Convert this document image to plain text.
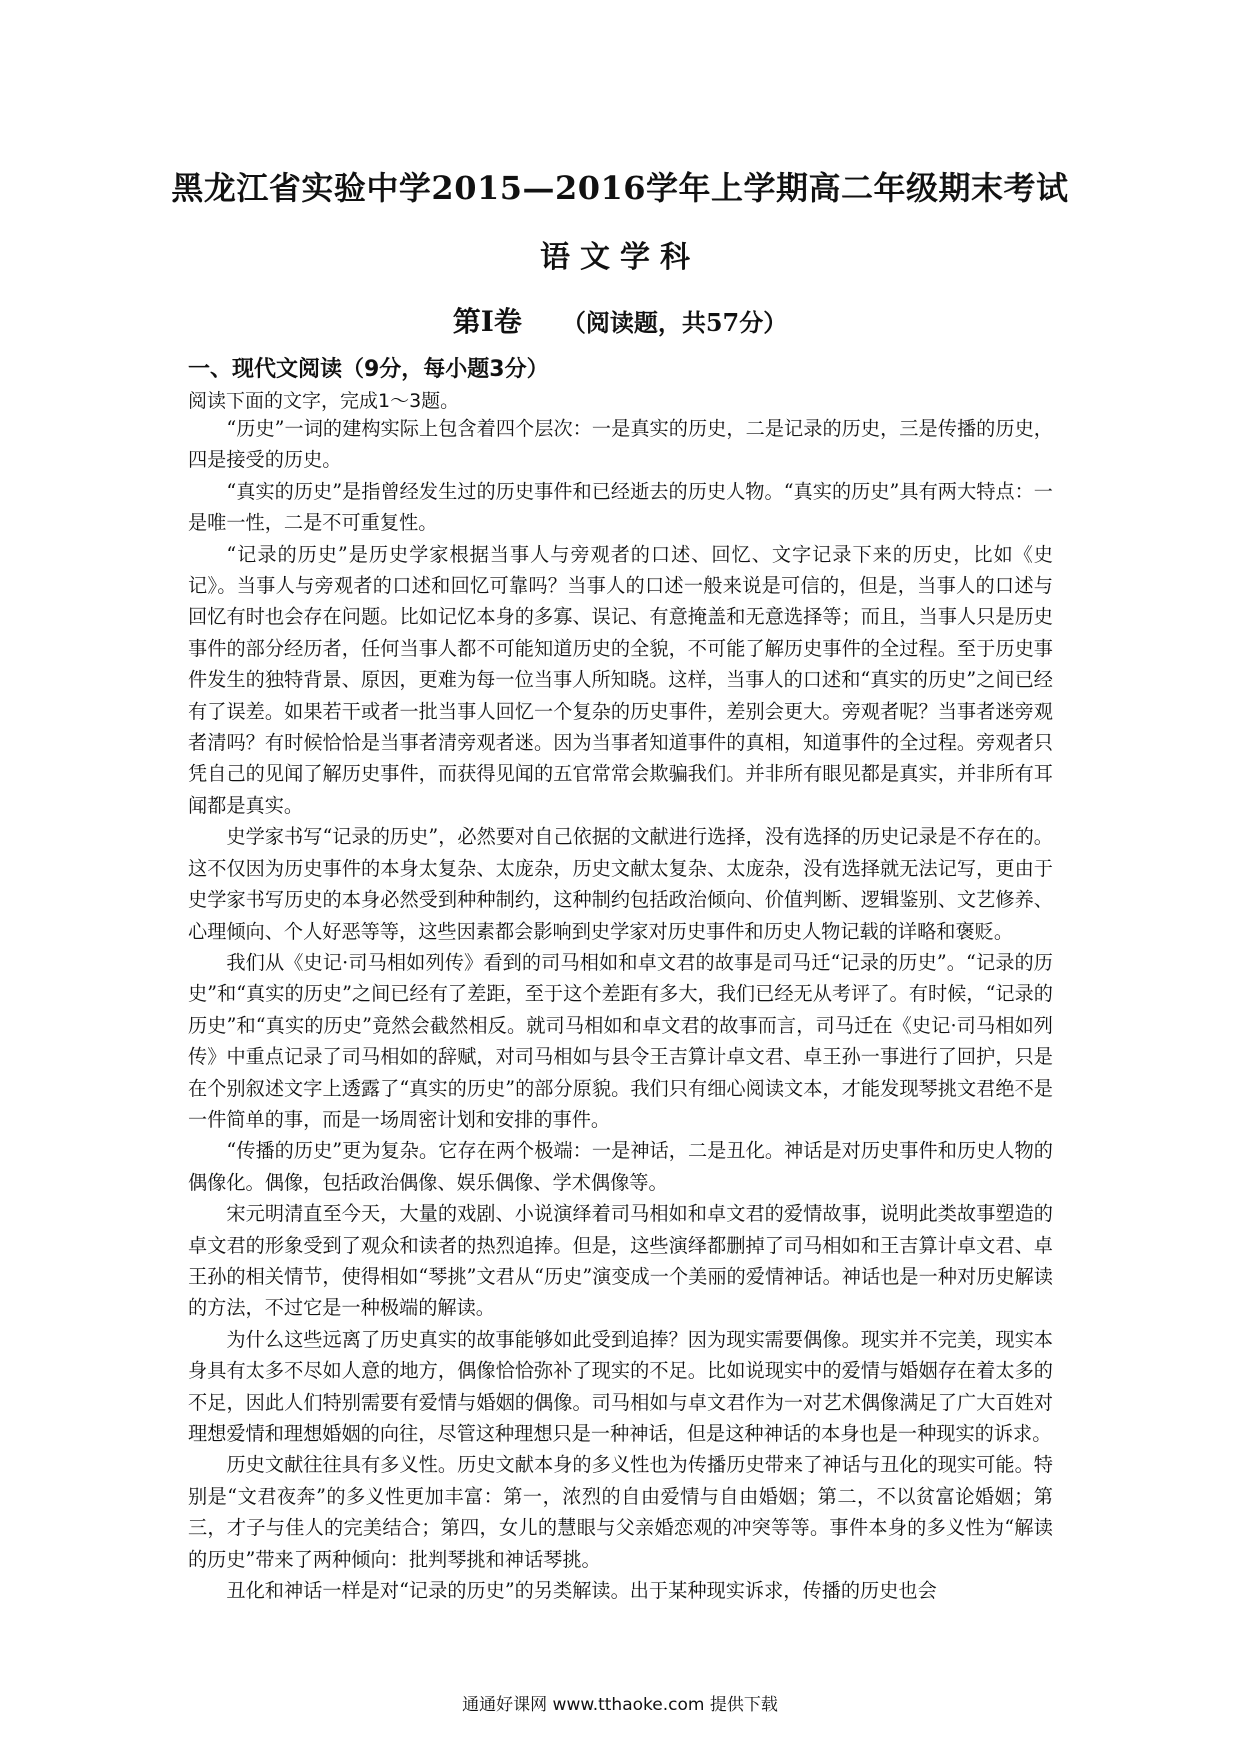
黑龙江省实验中学2015—2016学年上学期高二年级期末考试
语文学科
第Ⅰ卷 （阅读题，共57分）
一、现代文阅读（9分，每小题3分）
阅读下面的文字，完成1～3题。

“历史”一词的建构实际上包含着四个层次：一是真实的历史，二是记录的历史，三是传播的历史，四是接受的历史。

“真实的历史”是指曾经发生过的历史事件和已经逝去的历史人物。“真实的历史”具有两大特点：一是唯一性，二是不可重复性。

“记录的历史”是历史学家根据当事人与旁观者的口述、回忆、文字记录下来的历史，比如《史记》。当事人与旁观者的口述和回忆可靠吗？当事人的口述一般来说是可信的，但是，当事人的口述与回忆有时也会存在问题。比如记忆本身的多寡、误记、有意掩盖和无意选择等；而且，当事人只是历史事件的部分经历者，任何当事人都不可能知道历史的全貌，不可能了解历史事件的全过程。至于历史事件发生的独特背景、原因，更难为每一位当事人所知晓。这样，当事人的口述和“真实的历史”之间已经有了误差。如果若干或者一批当事人回忆一个复杂的历史事件，差别会更大。旁观者呢？当事者迷旁观者清吗？有时候恰恰是当事者清旁观者迷。因为当事者知道事件的真相，知道事件的全过程。旁观者只凭自己的见闻了解历史事件，而获得见闻的五官常常会欺骗我们。并非所有眼见都是真实，并非所有耳闻都是真实。

史学家书写“记录的历史”，必然要对自己依据的文献进行选择，没有选择的历史记录是不存在的。这不仅因为历史事件的本身太复杂、太庞杂，历史文献太复杂、太庞杂，没有选择就无法记写，更由于史学家书写历史的本身必然受到种种制约，这种制约包括政治倾向、价值判断、逻辑鉴别、文艺修养、心理倾向、个人好恶等等，这些因素都会影响到史学家对历史事件和历史人物记载的详略和褒贬。

我们从《史记·司马相如列传》看到的司马相如和卓文君的故事是司马迁“记录的历史”。“记录的历史”和“真实的历史”之间已经有了差距，至于这个差距有多大，我们已经无从考评了。有时候，“记录的历史”和“真实的历史”竟然会截然相反。就司马相如和卓文君的故事而言，司马迁在《史记·司马相如列传》中重点记录了司马相如的辞赋，对司马相如与县令王吉算计卓文君、卓王孙一事进行了回护，只是在个别叙述文字上透露了“真实的历史”的部分原貌。我们只有细心阅读文本，才能发现琴挑文君绝不是一件简单的事，而是一场周密计划和安排的事件。

“传播的历史”更为复杂。它存在两个极端：一是神话，二是丑化。神话是对历史事件和历史人物的偶像化。偶像，包括政治偶像、娱乐偶像、学术偶像等。

宋元明清直至今天，大量的戏剧、小说演绎着司马相如和卓文君的爱情故事，说明此类故事塑造的卓文君的形象受到了观众和读者的热烈追捧。但是，这些演绎都删掉了司马相如和王吉算计卓文君、卓王孙的相关情节，使得相如“琴挑”文君从“历史”演变成一个美丽的爱情神话。神话也是一种对历史解读的方法，不过它是一种极端的解读。

为什么这些远离了历史真实的故事能够如此受到追捧？因为现实需要偶像。现实并不完美，现实本身具有太多不尽如人意的地方，偶像恰恰弥补了现实的不足。比如说现实中的爱情与婚姻存在着太多的不足，因此人们特别需要有爱情与婚姻的偶像。司马相如与卓文君作为一对艺术偶像满足了广大百姓对理想爱情和理想婚姻的向往，尽管这种理想只是一种神话，但是这种神话的本身也是一种现实的诉求。

历史文献往往具有多义性。历史文献本身的多义性也为传播历史带来了神话与丑化的现实可能。特别是“文君夜奔”的多义性更加丰富：第一，浓烈的自由爱情与自由婚姻；第二，不以贫富论婚姻；第三，才子与佳人的完美结合；第四，女儿的慧眼与父亲婚恋观的冲突等等。事件本身的多义性为“解读的历史”带来了两种倾向：批判琴挑和神话琴挑。

丑化和神话一样是对“记录的历史”的另类解读。出于某种现实诉求，传播的历史也会

通通好课网 www.tthaoke.com 提供下载
